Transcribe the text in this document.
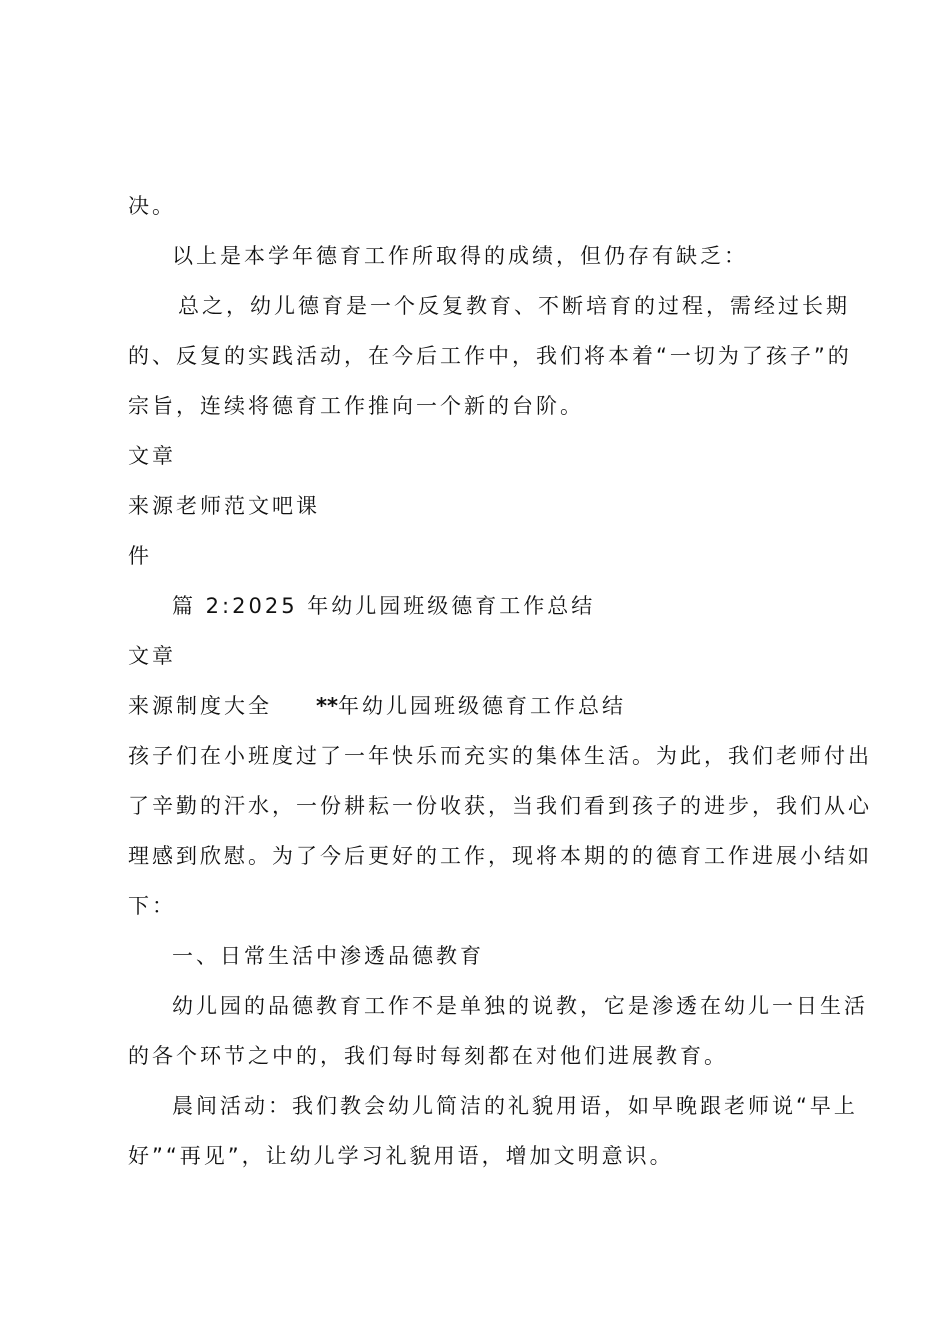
决。
以上是本学年德育工作所取得的成绩，但仍存有缺乏：
总之，幼儿德育是一个反复教育、不断培育的过程，需经过长期
的、反复的实践活动，在今后工作中，我们将本着“一切为了孩子”的
宗旨，连续将德育工作推向一个新的台阶。
文章
来源老师范文吧课
件
篇 2:2025 年幼儿园班级德育工作总结
文章
来源制度大全 **年幼儿园班级德育工作总结
孩子们在小班度过了一年快乐而充实的集体生活。为此，我们老师付出
了辛勤的汗水，一份耕耘一份收获，当我们看到孩子的进步，我们从心
理感到欣慰。为了今后更好的工作，现将本期的的德育工作进展小结如
下：
一、日常生活中渗透品德教育
幼儿园的品德教育工作不是单独的说教，它是渗透在幼儿一日生活
的各个环节之中的，我们每时每刻都在对他们进展教育。
晨间活动：我们教会幼儿简洁的礼貌用语，如早晚跟老师说“早上
好”“再见”，让幼儿学习礼貌用语，增加文明意识。
